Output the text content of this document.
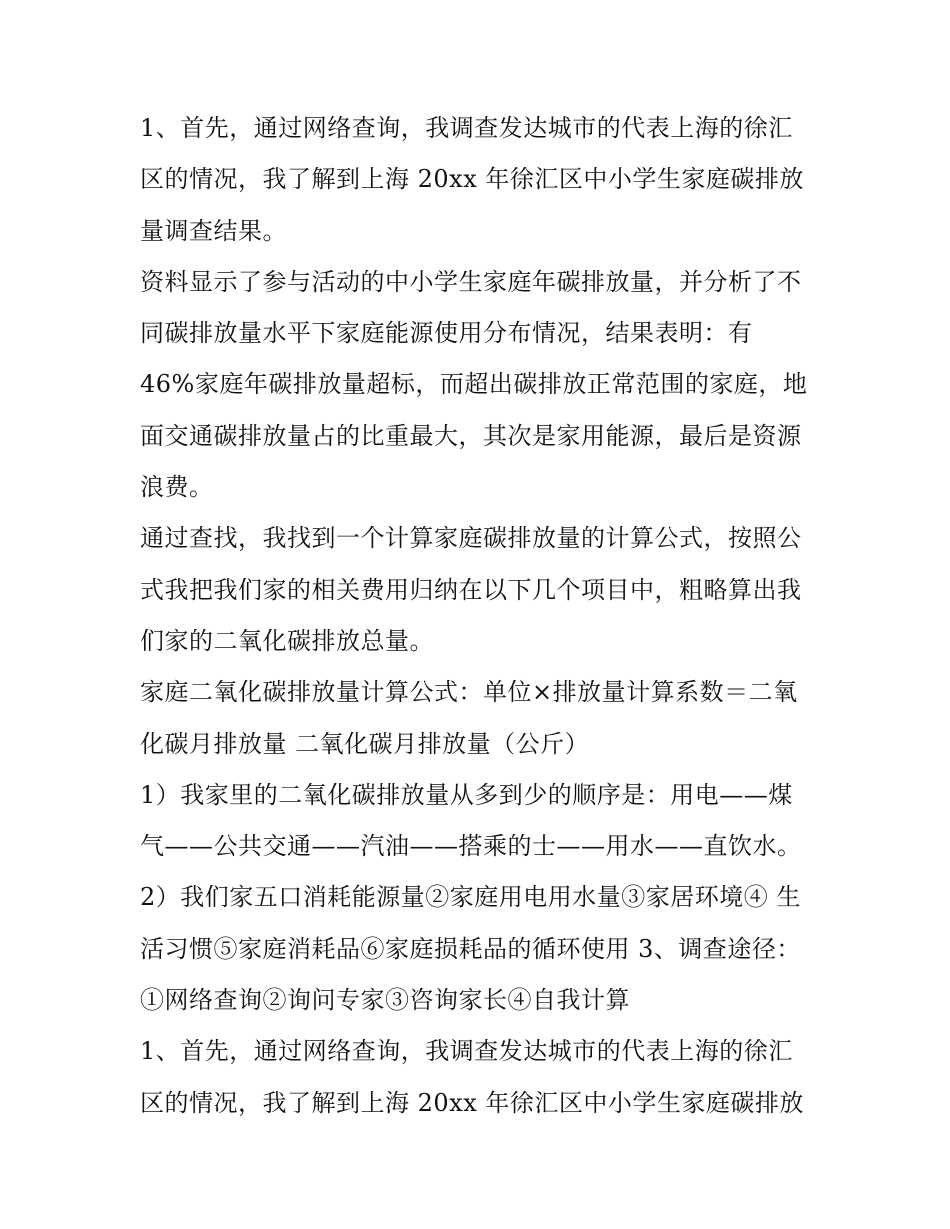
1、首先，通过网络查询，我调查发达城市的代表上海的徐汇
区的情况，我了解到上海 20xx 年徐汇区中小学生家庭碳排放
量调查结果。
资料显示了参与活动的中小学生家庭年碳排放量，并分析了不
同碳排放量水平下家庭能源使用分布情况，结果表明：有
46%家庭年碳排放量超标，而超出碳排放正常范围的家庭，地
面交通碳排放量占的比重最大，其次是家用能源，最后是资源
浪费。
通过查找，我找到一个计算家庭碳排放量的计算公式，按照公
式我把我们家的相关费用归纳在以下几个项目中，粗略算出我
们家的二氧化碳排放总量。
家庭二氧化碳排放量计算公式：单位×排放量计算系数＝二氧
化碳月排放量 二氧化碳月排放量（公斤）
1）我家里的二氧化碳排放量从多到少的顺序是：用电——煤
气——公共交通——汽油——搭乘的士——用水——直饮水。
2）我们家五口消耗能源量②家庭用电用水量③家居环境④ 生
活习惯⑤家庭消耗品⑥家庭损耗品的循环使用 3、调查途径：
①网络查询②询问专家③咨询家长④自我计算
1、首先，通过网络查询，我调查发达城市的代表上海的徐汇
区的情况，我了解到上海 20xx 年徐汇区中小学生家庭碳排放
